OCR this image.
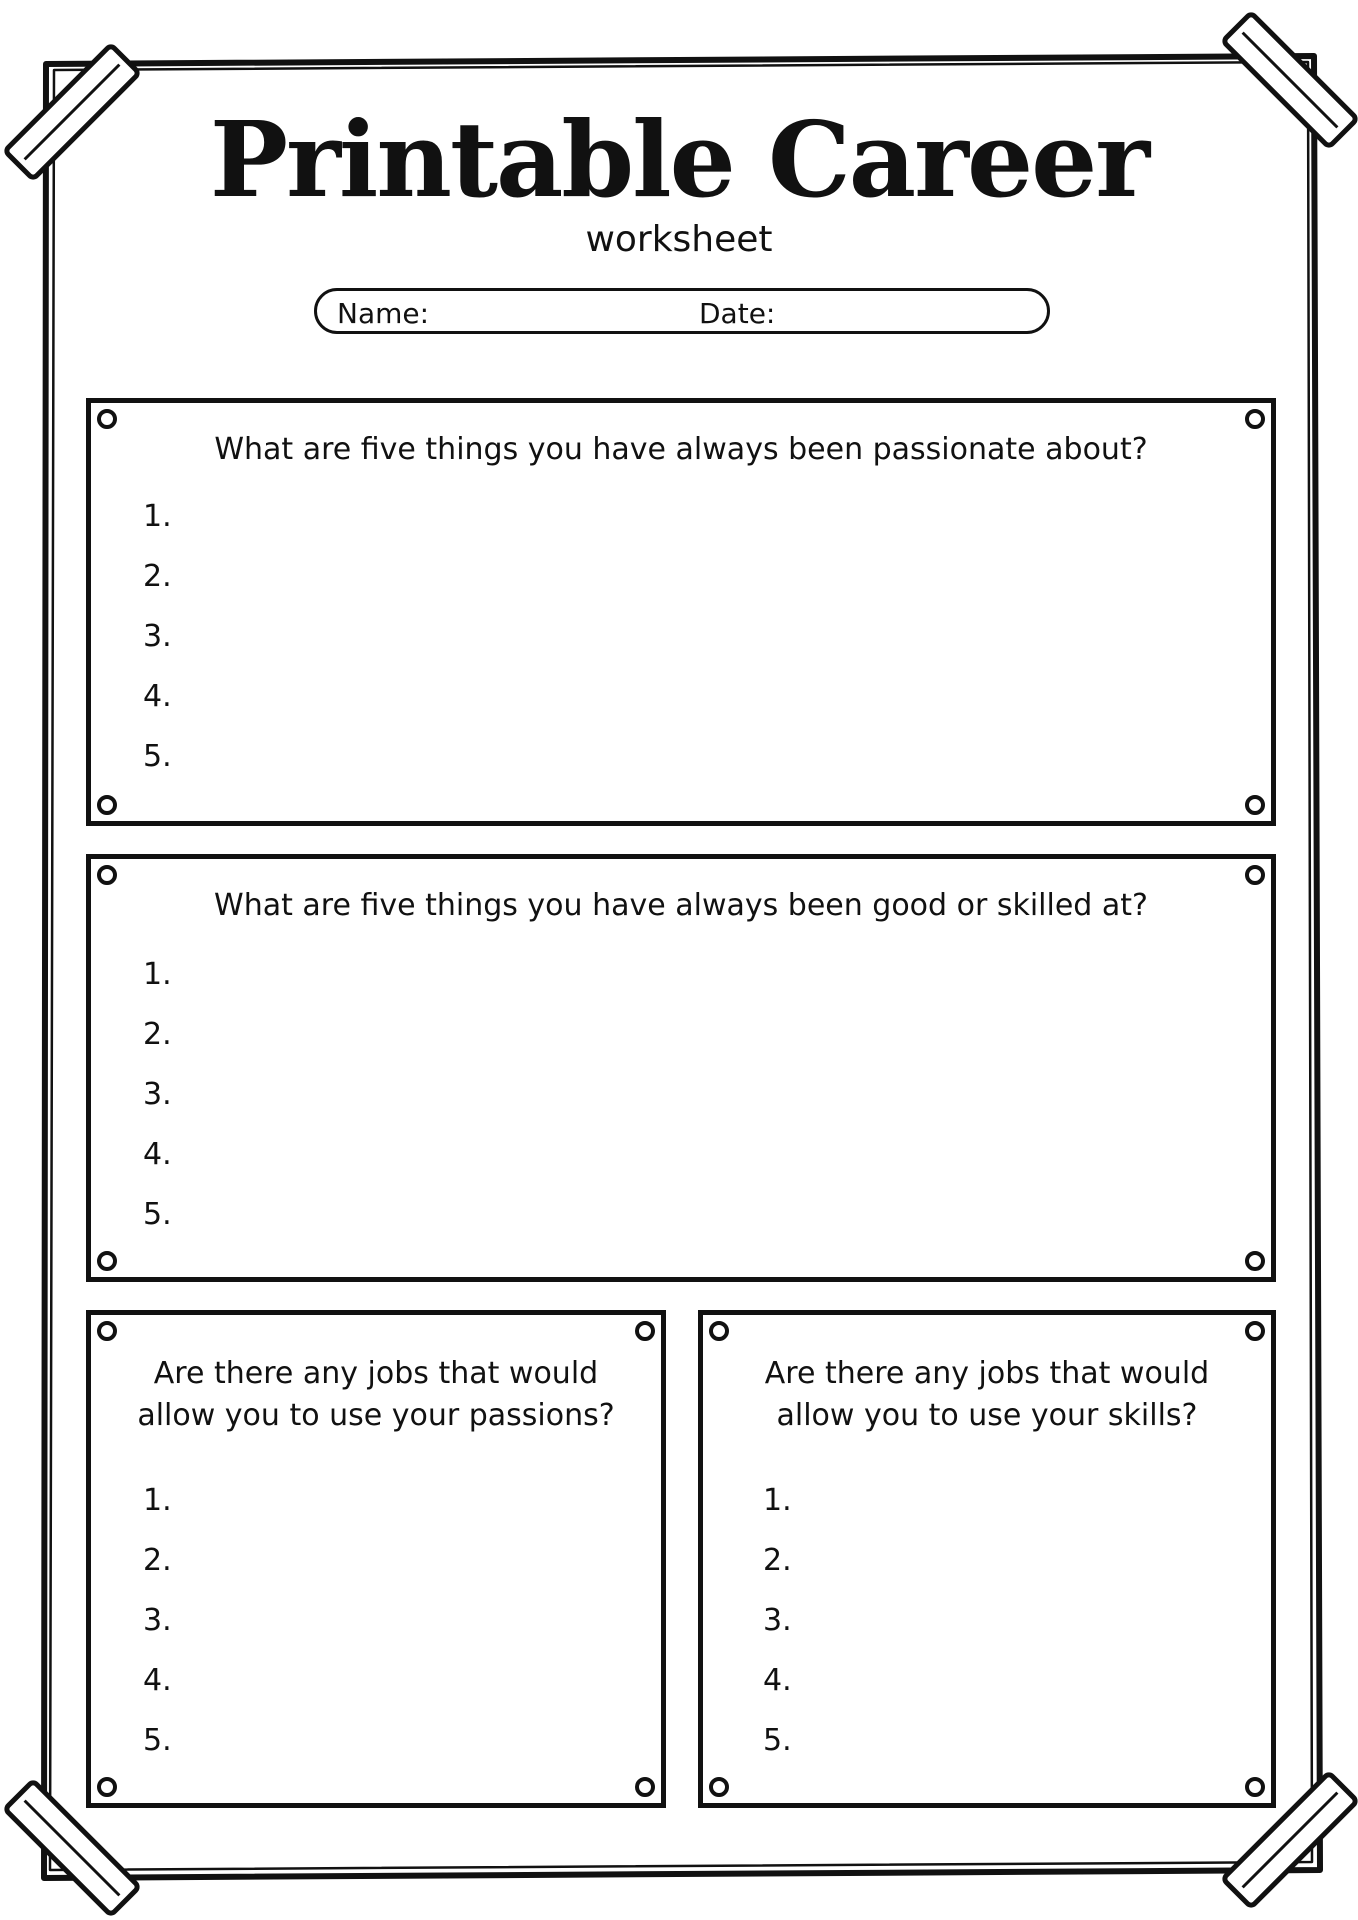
Printable Career
worksheet
Name:	Date:
What are five things you have always been passionate about?
1.
2.
3.
4.
5.
What are five things you have always been good or skilled at?
1.
2.
3.
4.
5.
Are there any jobs that would
allow you to use your passions?
1.
2.
3.
4.
5.
Are there any jobs that would
allow you to use your skills?
1.
2.
3.
4.
5.
